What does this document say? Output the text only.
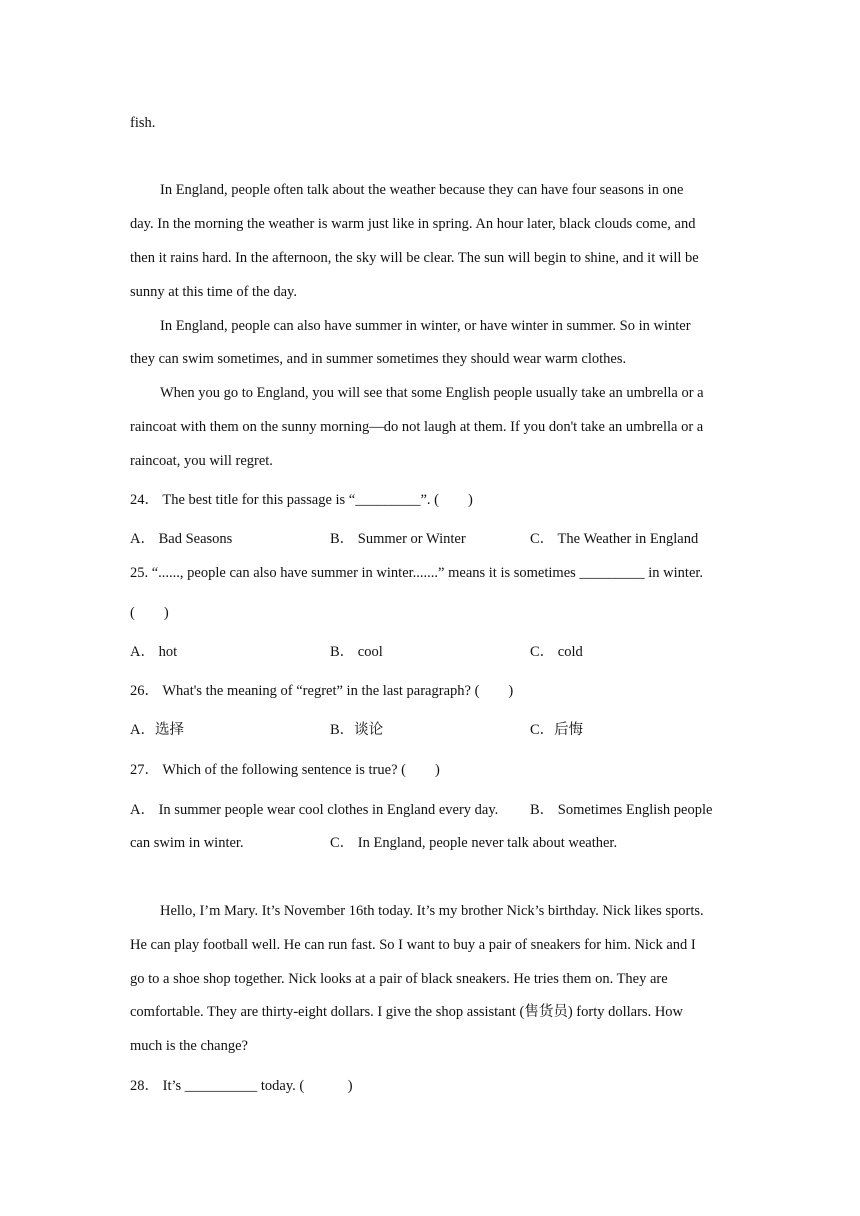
fish.
In England, people often talk about the weather because they can have four seasons in one
day. In the morning the weather is warm just like in spring. An hour later, black clouds come, and
then it rains hard. In the afternoon, the sky will be clear. The sun will begin to shine, and it will be
sunny at this time of the day.
In England, people can also have summer in winter, or have winter in summer. So in winter
they can swim sometimes, and in summer sometimes they should wear warm clothes.
When you go to England, you will see that some English people usually take an umbrella or a
raincoat with them on the sunny morning—do not laugh at them. If you don't take an umbrella or a
raincoat, you will regret.
24． The best title for this passage is “_________”. (　　)
A． Bad Seasons	B． Summer or Winter	C． The Weather in England
25. “......, people can also have summer in winter.......” means it is sometimes _________ in winter.
(　　)
A． hot	B． cool	C． cold
26． What's the meaning of “regret” in the last paragraph? (　　)
A．选择	B．谈论	C．后悔
27． Which of the following sentence is true? (　　)
A． In summer people wear cool clothes in England every day. B． Sometimes English people
can swim in winter.	C． In England, people never talk about weather.
Hello, I’m Mary. It’s November 16th today. It’s my brother Nick’s birthday. Nick likes sports.
He can play football well. He can run fast. So I want to buy a pair of sneakers for him. Nick and I
go to a shoe shop together. Nick looks at a pair of black sneakers. He tries them on. They are
comfortable. They are thirty-eight dollars. I give the shop assistant (售货员) forty dollars. How
much is the change?
28． It’s __________ today. (　　　)
